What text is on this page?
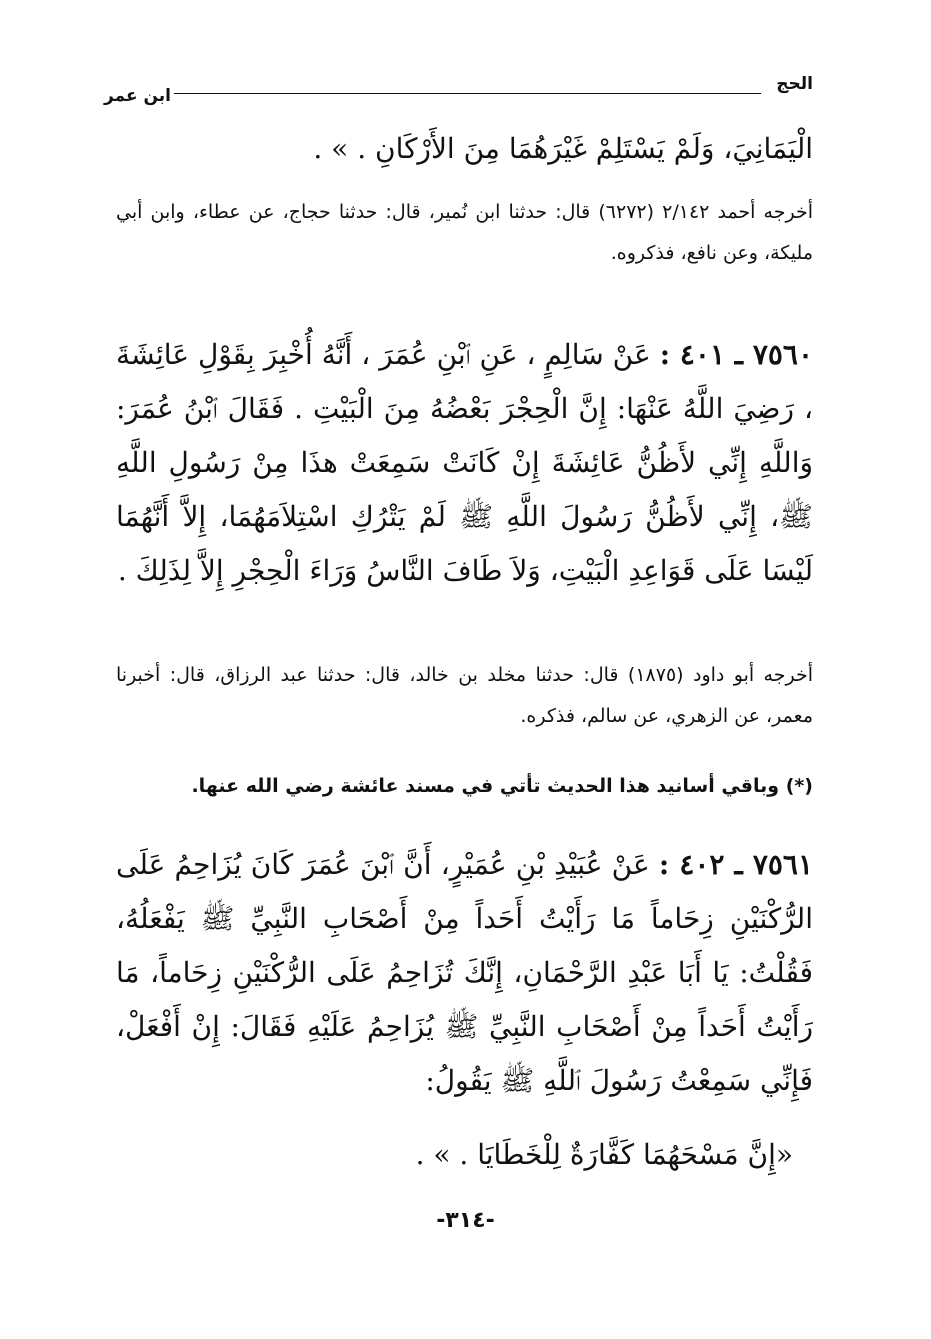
الحج
ابن عمر
الْيَمَانِيَ، وَلَمْ يَسْتَلِمْ غَيْرَهُمَا مِنَ الأَرْكَانِ . » .
أخرجه أحمد ٢/١٤٢ (٦٢٧٢) قال: حدثنا ابن نُمير، قال: حدثنا حجاج، عن عطاء، وابن أبي مليكة، وعن نافع، فذكروه.
٧٥٦٠ ـ ٤٠١ : عَنْ سَالِمٍ ، عَنِ ٱبْنِ عُمَرَ ، أَنَّهُ أُخْبِرَ بِقَوْلِ عَائِشَةَ ، رَضِيَ اللَّهُ عَنْهَا: إِنَّ الْحِجْرَ بَعْضُهُ مِنَ الْبَيْتِ . فَقَالَ ٱبْنُ عُمَرَ: وَاللَّهِ إِنِّي لأَظُنُّ عَائِشَةَ إِنْ كَانَتْ سَمِعَتْ هذَا مِنْ رَسُولِ اللَّهِ ﷺ، إِنِّي لأَظُنُّ رَسُولَ اللَّهِ ﷺ لَمْ يَتْرُكِ اسْتِلاَمَهُمَا، إِلاَّ أَنَّهُمَا لَيْسَا عَلَى قَوَاعِدِ الْبَيْتِ، وَلاَ طَافَ النَّاسُ وَرَاءَ الْحِجْرِ إِلاَّ لِذَلِكَ .
أخرجه أبو داود (١٨٧٥) قال: حدثنا مخلد بن خالد، قال: حدثنا عبد الرزاق، قال: أخبرنا معمر، عن الزهري، عن سالم، فذكره.
(*) وباقي أسانيد هذا الحديث تأتي في مسند عائشة رضي الله عنها.
٧٥٦١ ـ ٤٠٢ : عَنْ عُبَيْدِ بْنِ عُمَيْرٍ، أَنَّ ٱبْنَ عُمَرَ كَانَ يُزَاحِمُ عَلَى الرُّكْنَيْنِ زِحَاماً مَا رَأَيْتُ أَحَداً مِنْ أَصْحَابِ النَّبِيِّ ﷺ يَفْعَلُهُ، فَقُلْتُ: يَا أَبَا عَبْدِ الرَّحْمَانِ، إِنَّكَ تُزَاحِمُ عَلَى الرُّكْنَيْنِ زِحَاماً، مَا رَأَيْتُ أَحَداً مِنْ أَصْحَابِ النَّبِيِّ ﷺ يُزَاحِمُ عَلَيْهِ فَقَالَ: إِنْ أَفْعَلْ، فَإِنِّي سَمِعْتُ رَسُولَ ٱللَّهِ ﷺ يَقُولُ:
«إِنَّ مَسْحَهُمَا كَفَّارَةٌ لِلْخَطَايَا . » .
-٣١٤-
